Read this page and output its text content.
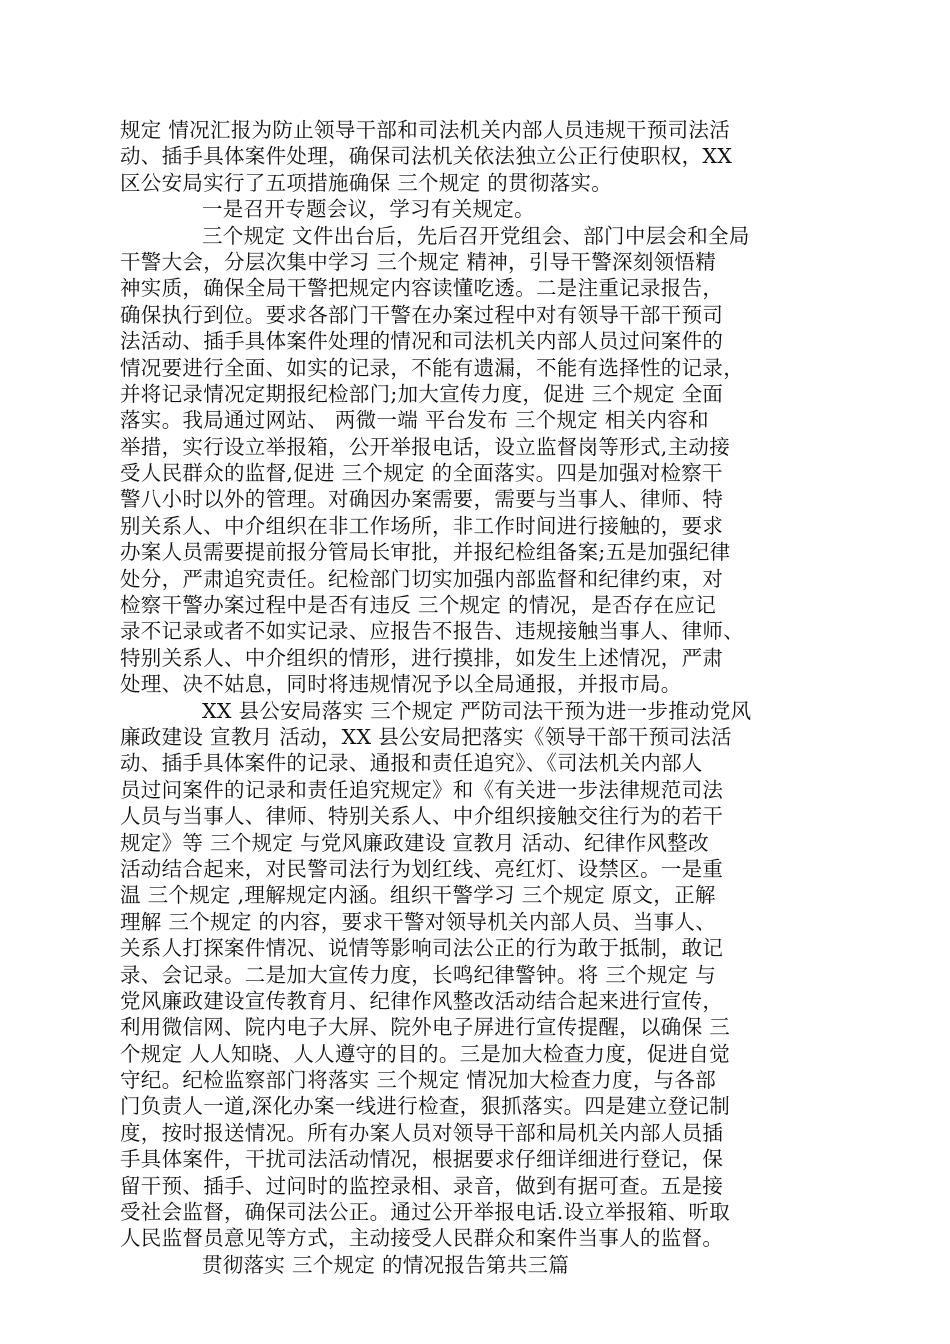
规定 情况汇报为防止领导干部和司法机关内部人员违规干预司法活
动、插手具体案件处理，确保司法机关依法独立公正行使职权，XX
区公安局实行了五项措施确保 三个规定 的贯彻落实。
一是召开专题会议，学习有关规定。
三个规定 文件出台后，先后召开党组会、部门中层会和全局
干警大会，分层次集中学习 三个规定 精神，引导干警深刻领悟精
神实质，确保全局干警把规定内容读懂吃透。二是注重记录报告，
确保执行到位。要求各部门干警在办案过程中对有领导干部干预司
法活动、插手具体案件处理的情况和司法机关内部人员过问案件的
情况要进行全面、如实的记录，不能有遗漏，不能有选择性的记录，
并将记录情况定期报纪检部门;加大宣传力度，促进 三个规定 全面
落实。我局通过网站、 两微一端 平台发布 三个规定 相关内容和
举措，实行设立举报箱，公开举报电话，设立监督岗等形式,主动接
受人民群众的监督,促进 三个规定 的全面落实。四是加强对检察干
警八小时以外的管理。对确因办案需要，需要与当事人、律师、特
别关系人、中介组织在非工作场所，非工作时间进行接触的，要求
办案人员需要提前报分管局长审批，并报纪检组备案;五是加强纪律
处分，严肃追究责任。纪检部门切实加强内部监督和纪律约束，对
检察干警办案过程中是否有违反 三个规定 的情况，是否存在应记
录不记录或者不如实记录、应报告不报告、违规接触当事人、律师、
特别关系人、中介组织的情形，进行摸排，如发生上述情况，严肃
处理、决不姑息，同时将违规情况予以全局通报，并报市局。
XX 县公安局落实 三个规定 严防司法干预为进一步推动党风
廉政建设 宣教月 活动，XX 县公安局把落实《领导干部干预司法活
动、插手具体案件的记录、通报和责任追究》、《司法机关内部人
员过问案件的记录和责任追究规定》和《有关进一步法律规范司法
人员与当事人、律师、特别关系人、中介组织接触交往行为的若干
规定》等 三个规定 与党风廉政建设 宣教月 活动、纪律作风整改
活动结合起来，对民警司法行为划红线、亮红灯、设禁区。一是重
温 三个规定 ,理解规定内涵。组织干警学习 三个规定 原文，正解
理解 三个规定 的内容，要求干警对领导机关内部人员、当事人、
关系人打探案件情况、说情等影响司法公正的行为敢于抵制，敢记
录、会记录。二是加大宣传力度，长鸣纪律警钟。将 三个规定 与
党风廉政建设宣传教育月、纪律作风整改活动结合起来进行宣传，
利用微信网、院内电子大屏、院外电子屏进行宣传提醒，以确保 三
个规定 人人知晓、人人遵守的目的。三是加大检查力度，促进自觉
守纪。纪检监察部门将落实 三个规定 情况加大检查力度，与各部
门负责人一道,深化办案一线进行检查，狠抓落实。四是建立登记制
度，按时报送情况。所有办案人员对领导干部和局机关内部人员插
手具体案件，干扰司法活动情况，根据要求仔细详细进行登记，保
留干预、插手、过问时的监控录相、录音，做到有据可查。五是接
受社会监督，确保司法公正。通过公开举报电话.设立举报箱、听取
人民监督员意见等方式，主动接受人民群众和案件当事人的监督。
贯彻落实 三个规定 的情况报告第共三篇
